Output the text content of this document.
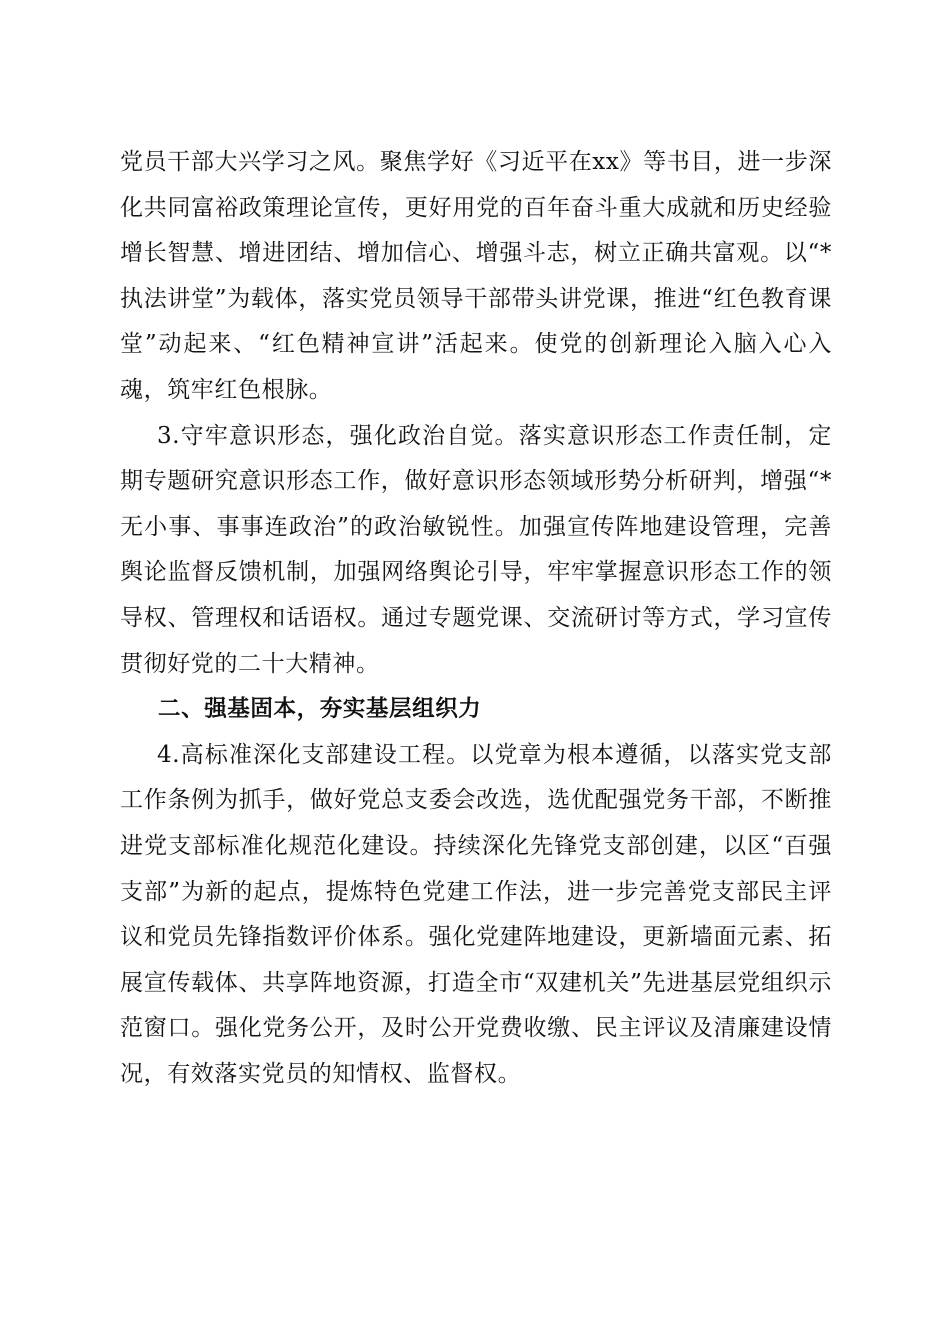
党员干部大兴学习之风。聚焦学好《习近平在xx》等书目，进一步深化共同富裕政策理论宣传，更好用党的百年奋斗重大成就和历史经验增长智慧、增进团结、增加信心、增强斗志，树立正确共富观。以“*执法讲堂”为载体，落实党员领导干部带头讲党课，推进“红色教育课堂”动起来、“红色精神宣讲”活起来。使党的创新理论入脑入心入魂，筑牢红色根脉。

3.守牢意识形态，强化政治自觉。落实意识形态工作责任制，定期专题研究意识形态工作，做好意识形态领域形势分析研判，增强“*无小事、事事连政治”的政治敏锐性。加强宣传阵地建设管理，完善舆论监督反馈机制，加强网络舆论引导，牢牢掌握意识形态工作的领导权、管理权和话语权。通过专题党课、交流研讨等方式，学习宣传贯彻好党的二十大精神。

二、强基固本，夯实基层组织力

4.高标准深化支部建设工程。以党章为根本遵循，以落实党支部工作条例为抓手，做好党总支委会改选，选优配强党务干部，不断推进党支部标准化规范化建设。持续深化先锋党支部创建，以区“百强支部”为新的起点，提炼特色党建工作法，进一步完善党支部民主评议和党员先锋指数评价体系。强化党建阵地建设，更新墙面元素、拓展宣传载体、共享阵地资源，打造全市“双建机关”先进基层党组织示范窗口。强化党务公开，及时公开党费收缴、民主评议及清廉建设情况，有效落实党员的知情权、监督权。
